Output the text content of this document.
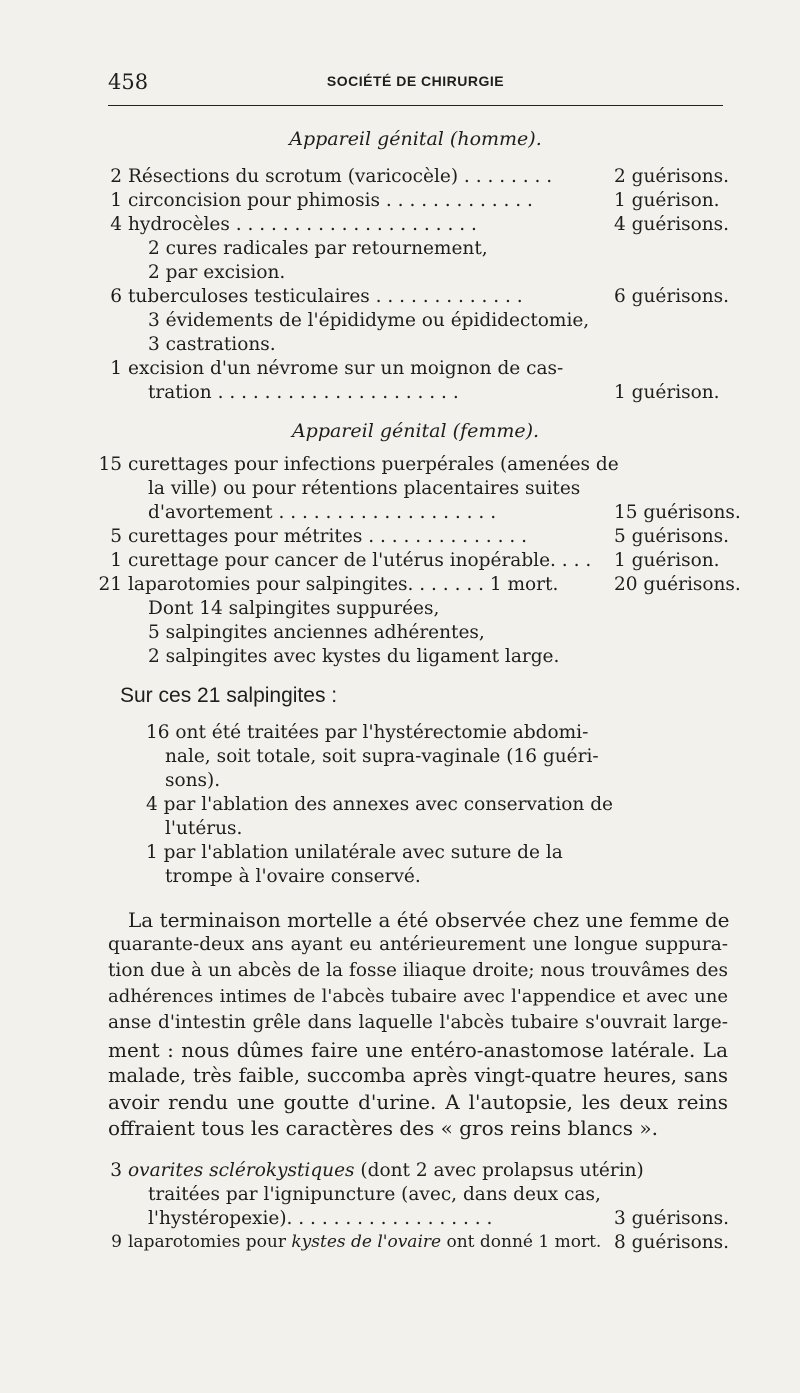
458	SOCIÉTÉ DE CHIRURGIE
Appareil génital (homme).
2 Résections du scrotum (varicocèle) . . . . . . . .	2 guérisons.
1 circoncision pour phimosis . . . . . . . . . . . . .	1 guérison.
4 hydrocèles . . . . . . . . . . . . . . . . . . . . .	4 guérisons.
2 cures radicales par retournement,
2 par excision.
6 tuberculoses testiculaires . . . . . . . . . . . . .	6 guérisons.
3 évidements de l'épididyme ou épididectomie,
3 castrations.
1 excision d'un névrome sur un moignon de cas-
tration . . . . . . . . . . . . . . . . . . . . .	1 guérison.
Appareil génital (femme).
15 curettages pour infections puerpérales (amenées de
la ville) ou pour rétentions placentaires suites
d'avortement . . . . . . . . . . . . . . . . . . .	15 guérisons.
5 curettages pour métrites . . . . . . . . . . . . . .	5 guérisons.
1 curettage pour cancer de l'utérus inopérable. . . . 1 guérison.
21 laparotomies pour salpingites. . . . . . . 1 mort.	20 guérisons.
Dont 14 salpingites suppurées,
5 salpingites anciennes adhérentes,
2 salpingites avec kystes du ligament large.
Sur ces 21 salpingites :
16 ont été traitées par l'hystérectomie abdomi-
nale, soit totale, soit supra-vaginale (16 guéri-
sons).
4 par l'ablation des annexes avec conservation de
l'utérus.
1 par l'ablation unilatérale avec suture de la
trompe à l'ovaire conservé.
La terminaison mortelle a été observée chez une femme de
quarante-deux ans ayant eu antérieurement une longue suppura-
tion due à un abcès de la fosse iliaque droite; nous trouvâmes des
adhérences intimes de l'abcès tubaire avec l'appendice et avec une
anse d'intestin grêle dans laquelle l'abcès tubaire s'ouvrait large-
ment : nous dûmes faire une entéro-anastomose latérale. La
malade, très faible, succomba après vingt-quatre heures, sans
avoir rendu une goutte d'urine. A l'autopsie, les deux reins
offraient tous les caractères des « gros reins blancs ».
3 ovarites sclérokystiques (dont 2 avec prolapsus utérin)
traitées par l'ignipuncture (avec, dans deux cas,
l'hystéropexie). . . . . . . . . . . . . . . . . .	3 guérisons.
9 laparotomies pour kystes de l'ovaire ont donné 1 mort. 8 guérisons.
